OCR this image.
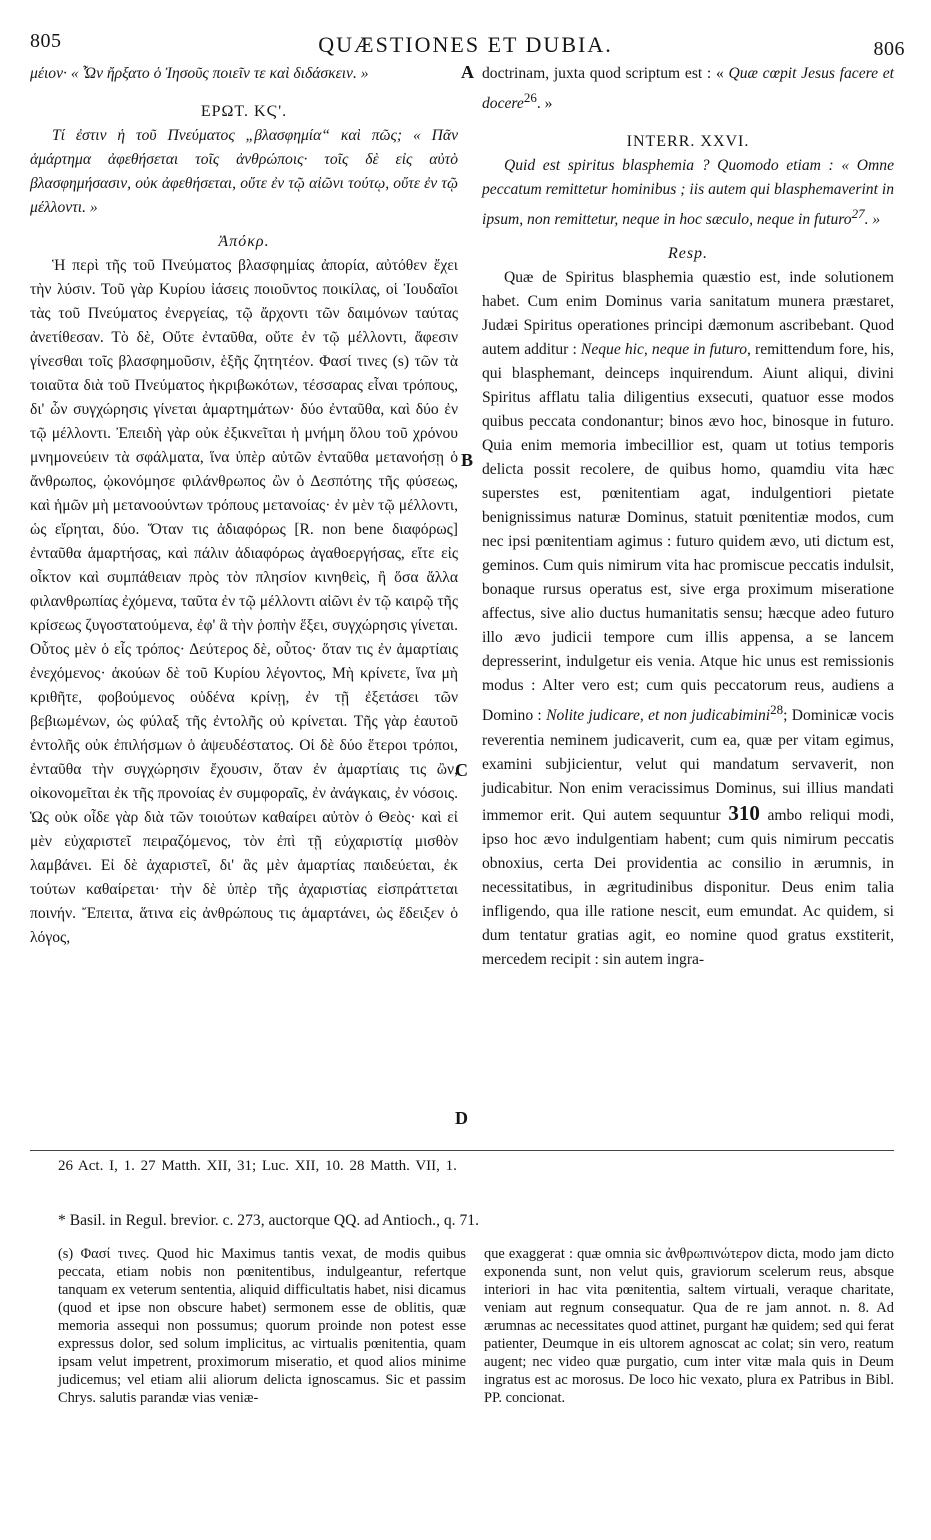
805	QUÆSTIONES ET DUBIA.	806

μέιον· « Ὧν ἤρξατο ὁ Ἰησοῦς ποιεῖν τε καὶ διδάσκειν. »

ΕΡΩΤ. ΚϚ'.

Τί ἐστιν ἡ τοῦ Πνεύματος „βλασφημία“ καὶ πῶς; « Πᾶν ἁμάρτημα ἀφεθήσεται τοῖς ἀνθρώποις· τοῖς δὲ εἰς αὐτὸ βλασφημήσασιν, οὐκ ἀφεθήσεται, οὔτε ἐν τῷ αἰῶνι τούτῳ, οὔτε ἐν τῷ μέλλοντι. »

Ἀπόκρ.

Ἡ περὶ τῆς τοῦ Πνεύματος βλασφημίας ἀπορία, αὐτόθεν ἔχει τὴν λύσιν. Τοῦ γὰρ Κυρίου ἰάσεις ποιοῦντος ποικίλας, οἱ Ἰουδαῖοι τὰς τοῦ Πνεύματος ἐνεργείας, τῷ ἄρχοντι τῶν δαιμόνων ταύτας ἀνετίθεσαν. Τὸ δὲ, Οὔτε ἐνταῦθα, οὔτε ἐν τῷ μέλλοντι, ἄφεσιν γίνεσθαι τοῖς βλασφημοῦσιν, ἑξῆς ζητητέον. Φασί τινες (s) τῶν τὰ τοιαῦτα διὰ τοῦ Πνεύματος ἠκριβωκότων, τέσσαρας εἶναι τρόπους, δι' ὧν συγχώρησις γίνεται ἁμαρτημάτων· δύο ἐνταῦθα, καὶ δύο ἐν τῷ μέλλοντι. Ἐπειδὴ γὰρ οὐκ ἐξικνεῖται ἡ μνήμη ὅλου τοῦ χρόνου μνημονεύειν τὰ σφάλματα, ἵνα ὑπὲρ αὐτῶν ἐνταῦθα μετανοήσῃ ὁ ἄνθρωπος, ᾠκονόμησε φιλάνθρωπος ὢν ὁ Δεσπότης τῆς φύσεως, καὶ ἡμῶν μὴ μετανοούντων τρόπους μετανοίας· ἐν μὲν τῷ μέλλοντι, ὡς εἴρηται, δύο. Ὅταν τις ἀδιαφόρως [R. non bene διαφόρως] ἐνταῦθα ἁμαρτήσας, καὶ πάλιν ἀδιαφόρως ἀγαθοεργήσας, εἴτε εἰς οἶκτον καὶ συμπάθειαν πρὸς τὸν πλησίον κινηθεὶς, ἢ ὅσα ἄλλα φιλανθρωπίας ἐχόμενα, ταῦτα ἐν τῷ μέλλοντι αἰῶνι ἐν τῷ καιρῷ τῆς κρίσεως ζυγοστατούμενα, ἐφ' ἃ τὴν ῥοπὴν ἕξει, συγχώρησις γίνεται. Οὗτος μὲν ὁ εἷς τρόπος· Δεύτερος δὲ, οὗτος· ὅταν τις ἐν ἁμαρτίαις ἐνεχόμενος· ἀκούων δὲ τοῦ Κυρίου λέγοντος, Μὴ κρίνετε, ἵνα μὴ κριθῆτε, φοβούμενος οὐδένα κρίνῃ, ἐν τῇ ἐξετάσει τῶν βεβιωμένων, ὡς φύλαξ τῆς ἐντολῆς οὐ κρίνεται. Τῆς γὰρ ἑαυτοῦ ἐντολῆς οὐκ ἐπιλήσμων ὁ ἀψευδέστατος. Οἱ δὲ δύο ἕτεροι τρόποι, ἐνταῦθα τὴν συγχώρησιν ἔχουσιν, ὅταν ἐν ἁμαρτίαις τις ὢν, οἰκονομεῖται ἐκ τῆς προνοίας ἐν συμφοραῖς, ἐν ἀνάγκαις, ἐν νόσοις. Ὡς οὐκ οἶδε γὰρ διὰ τῶν τοιούτων καθαίρει αὐτὸν ὁ Θεὸς· καὶ εἰ μὲν εὐχαριστεῖ πειραζόμενος, τὸν ἐπὶ τῇ εὐχαριστίᾳ μισθὸν λαμβάνει. Εἰ δὲ ἀχαριστεῖ, δι' ἃς μὲν ἁμαρτίας παιδεύεται, ἐκ τούτων καθαίρεται· τὴν δὲ ὑπὲρ τῆς ἀχαριστίας εἰσπράττεται ποινήν. Ἔπειτα, ἅτινα εἰς ἀνθρώπους τις ἁμαρτάνει, ὡς ἔδειξεν ὁ λόγος,

A
B
C
D

doctrinam, juxta quod scriptum est : « Quæ cœpit Jesus facere et docere$^{26}$. »

INTERR. XXVI.

Quid est spiritus blasphemia ? Quomodo etiam : « Omne peccatum remittetur hominibus ; iis autem qui blasphemaverint in ipsum, non remittetur, neque in hoc sæculo, neque in futuro$^{27}$. »

Resp.

Quæ de Spiritus blasphemia quæstio est, inde solutionem habet. Cum enim Dominus varia sanitatum munera præstaret, Judæi Spiritus operationes principi dæmonum ascribebant. Quod autem additur : Neque hic, neque in futuro, remittendum fore, his, qui blasphemant, deinceps inquirendum. Aiunt aliqui, divini Spiritus afflatu talia diligentius exsecuti, quatuor esse modos quibus peccata condonantur; binos ævo hoc, binosque in futuro. Quia enim memoria imbecillior est, quam ut totius temporis delicta possit recolere, de quibus homo, quamdiu vita hæc superstes est, pœnitentiam agat, indulgentiori pietate benignissimus naturæ Dominus, statuit pœnitentiæ modos, cum nec ipsi pœnitentiam agimus : futuro quidem ævo, uti dictum est, geminos. Cum quis nimirum vita hac promiscue peccatis indulsit, bonaque rursus operatus est, sive erga proximum miseratione affectus, sive alio ductus humanitatis sensu; hæcque adeo futuro illo ævo judicii tempore cum illis appensa, a se lancem depresserint, indulgetur eis venia. Atque hic unus est remissionis modus : Alter vero est; cum quis peccatorum reus, audiens a Domino : Nolite judicare, et non judicabimini$^{28}$; Dominicæ vocis reverentia neminem judicaverit, cum ea, quæ per vitam egimus, examini subjicientur, velut qui mandatum servaverit, non judicabitur. Non enim veracissimus Dominus, sui illius mandati immemor erit. Qui autem sequuntur 310 ambo reliqui modi, ipso hoc ævo indulgentiam habent; cum quis nimirum peccatis obnoxius, certa Dei providentia ac consilio in ærumnis, in necessitatibus, in ægritudinibus disponitur. Deus enim talia infligendo, qua ille ratione nescit, eum emundat. Ac quidem, si dum tentatur gratias agit, eo nomine quod gratus exstiterit, mercedem recipit : sin autem ingra-

26 Act. I, 1. 27 Matth. XII, 31; Luc. XII, 10. 28 Matth. VII, 1.
* Basil. in Regul. brevior. c. 273, auctorque QQ. ad Antioch., q. 71.

(s) Φασί τινες. Quod hic Maximus tantis vexat, de modis quibus peccata, etiam nobis non pœnitentibus, indulgeantur, refertque tanquam ex veterum sententia, aliquid difficultatis habet, nisi dicamus (quod et ipse non obscure habet) sermonem esse de oblitis, quæ memoria assequi non possumus; quorum proinde non potest esse expressus dolor, sed solum implicitus, ac virtualis pœnitentia, quam ipsam velut impetrent, proximorum miseratio, et quod alios minime judicemus; vel etiam alii aliorum delicta ignoscamus. Sic et passim Chrys. salutis parandæ vias veniæ-

que exaggerat : quæ omnia sic ἀνθρωπινώτερον dicta, modo jam dicto exponenda sunt, non velut quis, graviorum scelerum reus, absque interiori in hac vita pœnitentia, saltem virtuali, veraque charitate, veniam aut regnum consequatur. Qua de re jam annot. n. 8. Ad ærumnas ac necessitates quod attinet, purgant hæ quidem; sed qui ferat patienter, Deumque in eis ultorem agnoscat ac colat; sin vero, reatum augent; nec video quæ purgatio, cum inter vitæ mala quis in Deum ingratus est ac morosus. De loco hic vexato, plura ex Patribus in Bibl. PP. concionat.
